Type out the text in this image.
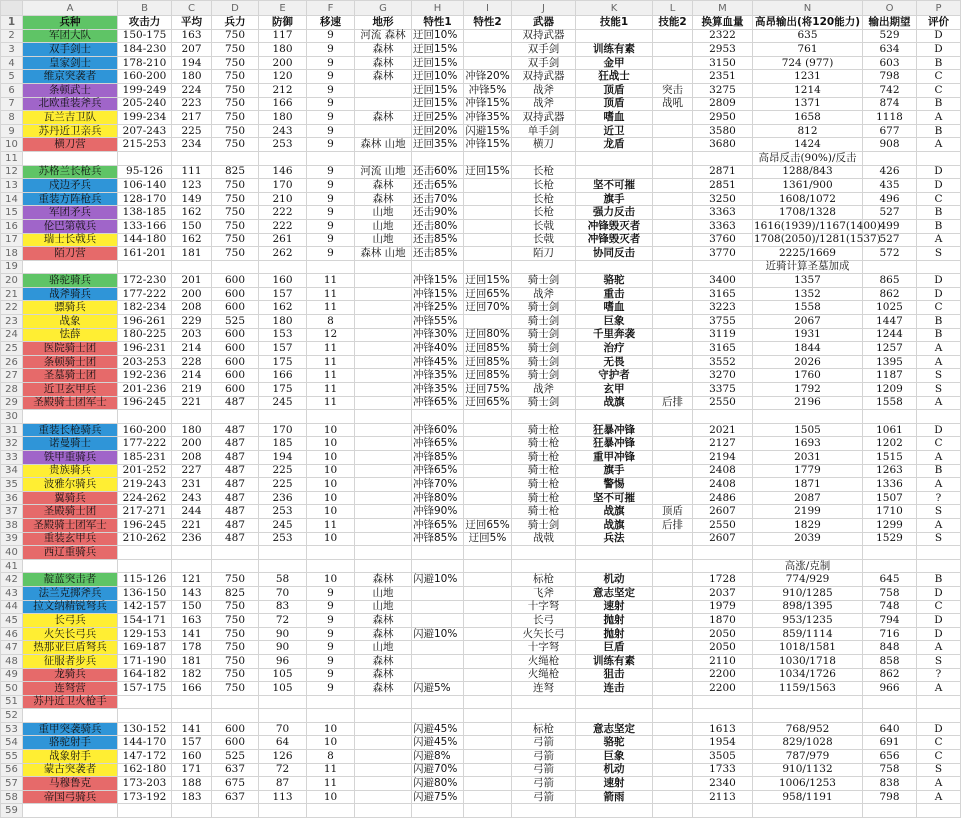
	A	B	C	D	E	F	G	H	I	J	K	L	M	N	O	P
1	兵种	攻击力	平均	兵力	防御	移速	地形	特性1	特性2	武器	技能1	技能2	换算血量	高昂输出(将120能力)	输出期望	评价
2	军团大队	150-175	163	750	117	9	河流 森林	迂回10%		双持武器			2322	635	529	D
3	双手剑士	184-230	207	750	180	9	森林	迂回15%		双手剑	训练有素		2953	761	634	D
4	皇家剑士	178-210	194	750	200	9	森林	迂回15%		双手剑	金甲		3150	724 (977)	603	B
5	维京突袭者	160-200	180	750	120	9	森林	迂回10%	冲锋20%	双持武器	狂战士		2351	1231	798	C
6	条顿武士	199-249	224	750	212	9		迂回15%	冲锋5%	战斧	顶盾	突击	3275	1214	742	C
7	北欧重装斧兵	205-240	223	750	166	9		迂回15%	冲锋15%	战斧	顶盾	战吼	2809	1371	874	B
8	瓦兰吉卫队	199-234	217	750	180	9	森林	迂回25%	冲锋35%	双持武器	嗜血		2950	1658	1118	A
9	苏丹近卫亲兵	207-243	225	750	243	9		迂回20%	闪避15%	单手剑	近卫		3580	812	677	B
10	横刀营	215-253	234	750	253	9	森林 山地	迂回35%	冲锋15%	横刀	龙盾		3680	1424	908	A
11														高昂反击(90%)/反击		
12	苏格兰长枪兵	95-126	111	825	146	9	河流 山地	还击60%	迂回15%	长枪			2871	1288/843	426	D
13	戍边矛兵	106-140	123	750	170	9	森林	还击65%		长枪	坚不可摧		2851	1361/900	435	D
14	重装方阵枪兵	128-170	149	750	210	9	森林	还击70%		长枪	旗手		3250	1608/1072	496	C
15	军团矛兵	138-185	162	750	222	9	山地	还击90%		长枪	强力反击		3363	1708/1328	527	B
16	伦巴第戟兵	133-166	150	750	222	9	山地	还击80%		长戟	冲锋毁灭者		3363	1616(1939)/1167(1400)	499	B
17	瑞士长戟兵	144-180	162	750	261	9	山地	还击85%		长戟	冲锋毁灭者		3760	1708(2050)/1281(1537)	527	A
18	陌刀营	161-201	181	750	262	9	森林 山地	还击85%		陌刀	协同反击		3770	2225/1669	572	S
19														近骑计算圣墓加成		
20	骆驼骑兵	172-230	201	600	160	11		冲锋15%	迂回15%	骑士剑	骆驼		3400	1357	865	D
21	战斧骑兵	177-222	200	600	157	11		冲锋15%	迂回65%	战斧	重击		3165	1352	862	D
22	骠骑兵	182-234	208	600	162	11		冲锋25%	迂回70%	骑士剑	嗜血		3223	1558	1025	C
23	战象	196-261	229	525	180	8		冲锋55%		骑士剑	巨象		3755	2067	1447	B
24	怯薛	180-225	203	600	153	12		冲锋30%	迂回80%	骑士剑	千里奔袭		3119	1931	1244	B
25	医院骑士团	196-231	214	600	157	11		冲锋40%	迂回85%	骑士剑	治疗		3165	1844	1257	A
26	条顿骑士团	203-253	228	600	175	11		冲锋45%	迂回85%	骑士剑	无畏		3552	2026	1395	A
27	圣墓骑士团	192-236	214	600	166	11		冲锋35%	迂回85%	骑士剑	守护者		3270	1760	1187	S
28	近卫玄甲兵	201-236	219	600	175	11		冲锋35%	迂回75%	战斧	玄甲		3375	1792	1209	S
29	圣殿骑士团军士	196-245	221	487	245	11		冲锋65%	迂回65%	骑士剑	战旗	后排	2550	2196	1558	A
30																
31	重装长枪骑兵	160-200	180	487	170	10		冲锋60%		骑士枪	狂暴冲锋		2021	1505	1061	D
32	诺曼骑士	177-222	200	487	185	10		冲锋65%		骑士枪	狂暴冲锋		2127	1693	1202	C
33	铁甲重骑兵	185-231	208	487	194	10		冲锋85%		骑士枪	重甲冲锋		2194	2031	1515	A
34	贵族骑兵	201-252	227	487	225	10		冲锋65%		骑士枪	旗手		2408	1779	1263	B
35	波雅尔骑兵	219-243	231	487	225	10		冲锋70%		骑士枪	警惕		2408	1871	1336	A
36	翼骑兵	224-262	243	487	236	10		冲锋80%		骑士枪	坚不可摧		2486	2087	1507	?
37	圣殿骑士团	217-271	244	487	253	10		冲锋90%		骑士枪	战旗	顶盾	2607	2199	1710	S
38	圣殿骑士团军士	196-245	221	487	245	11		冲锋65%	迂回65%	骑士剑	战旗	后排	2550	1829	1299	A
39	重装玄甲兵	210-262	236	487	253	10		冲锋85%	迂回5%	战戟	兵法		2607	2039	1529	S
40	西辽重骑兵															
41														高涨/克制		
42	靛蓝突击者	115-126	121	750	58	10	森林	闪避10%		标枪	机动		1728	774/929	645	B
43	法兰克掷斧兵	136-150	143	825	70	9	山地			飞斧	意志坚定		2037	910/1285	758	D
44	拉文纳精锐弩兵	142-157	150	750	83	9	山地			十字弩	速射		1979	898/1395	748	C
45	长弓兵	154-171	163	750	72	9	森林			长弓	抛射		1870	953/1235	794	D
46	火矢长弓兵	129-153	141	750	90	9	森林	闪避10%		火矢长弓	抛射		2050	859/1114	716	D
47	热那亚巨盾弩兵	169-187	178	750	90	9	山地			十字弩	巨盾		2050	1018/1581	848	A
48	征服者步兵	171-190	181	750	96	9	森林			火绳枪	训练有素		2110	1030/1718	858	S
49	龙骑兵	164-182	182	750	105	9	森林			火绳枪	狙击		2200	1034/1726	862	?
50	连弩营	157-175	166	750	105	9	森林	闪避5%		连弩	连击		2200	1159/1563	966	A
51	苏丹近卫火枪手															
52																
53	重甲突袭骑兵	130-152	141	600	70	10		闪避45%		标枪	意志坚定		1613	768/952	640	D
54	骆驼射手	144-170	157	600	64	10		闪避45%		弓箭	骆驼		1954	829/1028	691	C
55	战象射手	147-172	160	525	126	8		闪避8%		弓箭	巨象		3505	787/979	656	C
56	蒙古突袭者	162-180	171	637	72	11		闪避70%		弓箭	机动		1733	910/1132	758	S
57	马穆鲁克	173-203	188	675	87	11		闪避80%		弓箭	速射		2340	1006/1253	838	A
58	帝国弓骑兵	173-192	183	637	113	10		闪避75%		弓箭	箭雨		2113	958/1191	798	A
59																
